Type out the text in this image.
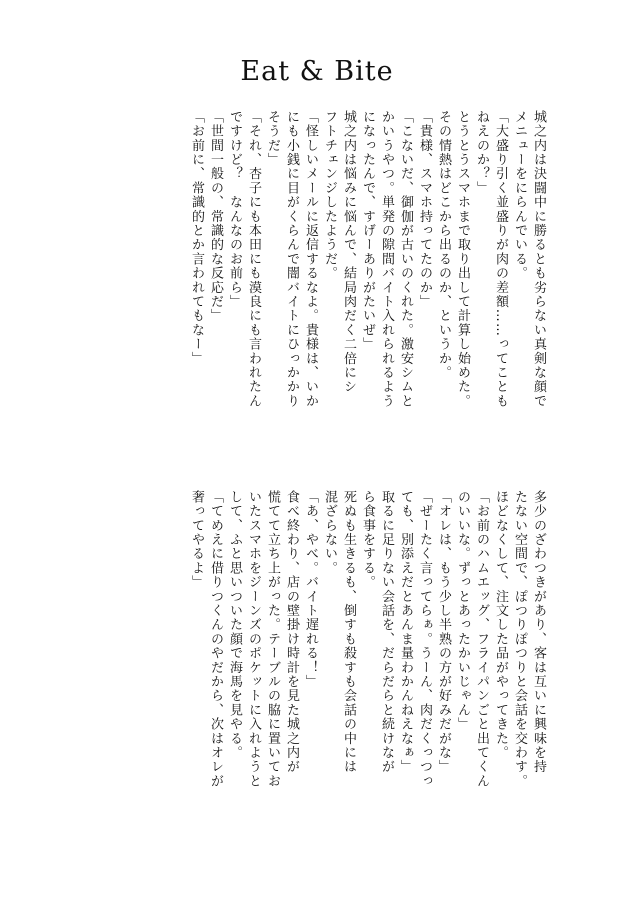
Eat & Bite
城之内は決闘中に勝るとも劣らない真剣な顔で
メニューをにらんでいる。
「大盛り引く並盛りが肉の差額……ってことも
ねえのか？」
とうとうスマホまで取り出して計算し始めた。
その情熱はどこから出るのか、というか。
「貴様、スマホ持ってたのか」
「こないだ、御伽が古いのくれた。激安シムと
かいうやつ。単発の隙間バイト入れられるよう
になったんで、すげーありがたいぜ」
城之内は悩みに悩んで、結局肉だく二倍にシ
フトチェンジしたようだ。
「怪しいメールに返信するなよ。貴様は、いか
にも小銭に目がくらんで闇バイトにひっかかり
そうだ」
「それ、杏子にも本田にも漠良にも言われたん
ですけど？　なんなのお前ら」
「世間一般の、常識的な反応だ」
「お前に、常識的とか言われてもなー」
多少のざわつきがあり、客は互いに興味を持
たない空間で、ぽつりぽつりと会話を交わす。
ほどなくして、注文した品がやってきた。
「お前のハムエッグ、フライパンごと出てくん
のいいな。ずっとあったかいじゃん」
「オレは、もう少し半熟の方が好みだがな」
「ぜーたく言ってらぁ。うーん、肉だくっつっ
ても、別添えだとあんま量わかんねえなぁ」
取るに足りない会話を、だらだらと続けなが
ら食事をする。
死ぬも生きるも、倒すも殺すも会話の中には
混ざらない。
「あ、やべ。バイト遅れる！」
食べ終わり、店の壁掛け時計を見た城之内が
慌てて立ち上がった。テーブルの脇に置いてお
いたスマホをジーンズのポケットに入れようと
して、ふと思いついた顔で海馬を見やる。
「てめえに借りつくんのやだから、次はオレが
奢ってやるよ」
